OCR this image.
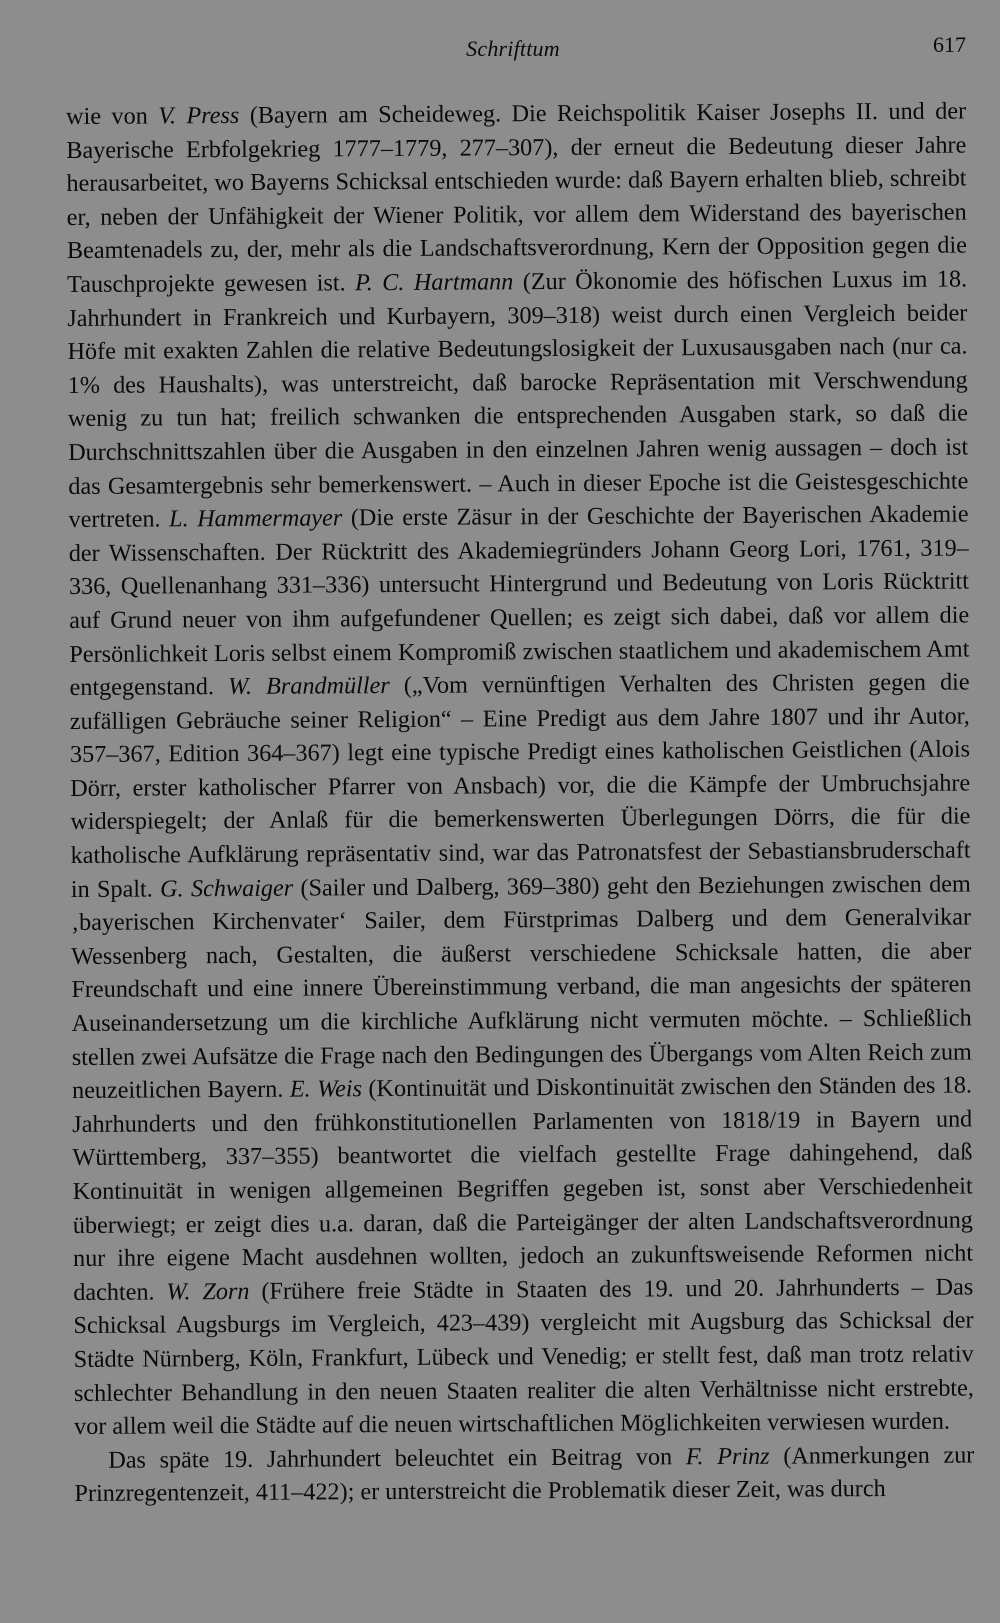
Schrifttum	617

wie von V. Press (Bayern am Scheideweg. Die Reichspolitik Kaiser Josephs II. und der Bayerische Erbfolgekrieg 1777–1779, 277–307), der erneut die Bedeutung dieser Jahre herausarbeitet, wo Bayerns Schicksal entschieden wurde: daß Bayern erhalten blieb, schreibt er, neben der Unfähigkeit der Wiener Politik, vor allem dem Widerstand des bayerischen Beamtenadels zu, der, mehr als die Landschaftsverordnung, Kern der Opposition gegen die Tauschprojekte gewesen ist. P. C. Hartmann (Zur Ökonomie des höfischen Luxus im 18. Jahrhundert in Frankreich und Kurbayern, 309–318) weist durch einen Vergleich beider Höfe mit exakten Zahlen die relative Bedeutungslosigkeit der Luxusausgaben nach (nur ca. 1% des Haushalts), was unterstreicht, daß barocke Repräsentation mit Verschwendung wenig zu tun hat; freilich schwanken die entsprechenden Ausgaben stark, so daß die Durchschnittszahlen über die Ausgaben in den einzelnen Jahren wenig aussagen – doch ist das Gesamtergebnis sehr bemerkenswert. – Auch in dieser Epoche ist die Geistesgeschichte vertreten. L. Hammermayer (Die erste Zäsur in der Geschichte der Bayerischen Akademie der Wissenschaften. Der Rücktritt des Akademiegründers Johann Georg Lori, 1761, 319–336, Quellenanhang 331–336) untersucht Hintergrund und Bedeutung von Loris Rücktritt auf Grund neuer von ihm aufgefundener Quellen; es zeigt sich dabei, daß vor allem die Persönlichkeit Loris selbst einem Kompromiß zwischen staatlichem und akademischem Amt entgegenstand. W. Brandmüller („Vom vernünftigen Verhalten des Christen gegen die zufälligen Gebräuche seiner Religion“ – Eine Predigt aus dem Jahre 1807 und ihr Autor, 357–367, Edition 364–367) legt eine typische Predigt eines katholischen Geistlichen (Alois Dörr, erster katholischer Pfarrer von Ansbach) vor, die die Kämpfe der Umbruchsjahre widerspiegelt; der Anlaß für die bemerkenswerten Überlegungen Dörrs, die für die katholische Aufklärung repräsentativ sind, war das Patronatsfest der Sebastiansbruderschaft in Spalt. G. Schwaiger (Sailer und Dalberg, 369–380) geht den Beziehungen zwischen dem ‚bayerischen Kirchenvater‘ Sailer, dem Fürstprimas Dalberg und dem Generalvikar Wessenberg nach, Gestalten, die äußerst verschiedene Schicksale hatten, die aber Freundschaft und eine innere Übereinstimmung verband, die man angesichts der späteren Auseinandersetzung um die kirchliche Aufklärung nicht vermuten möchte. – Schließlich stellen zwei Aufsätze die Frage nach den Bedingungen des Übergangs vom Alten Reich zum neuzeitlichen Bayern. E. Weis (Kontinuität und Diskontinuität zwischen den Ständen des 18. Jahrhunderts und den frühkonstitutionellen Parlamenten von 1818/19 in Bayern und Württemberg, 337–355) beantwortet die vielfach gestellte Frage dahingehend, daß Kontinuität in wenigen allgemeinen Begriffen gegeben ist, sonst aber Verschiedenheit überwiegt; er zeigt dies u.a. daran, daß die Parteigänger der alten Landschaftsverordnung nur ihre eigene Macht ausdehnen wollten, jedoch an zukunftsweisende Reformen nicht dachten. W. Zorn (Frühere freie Städte in Staaten des 19. und 20. Jahrhunderts – Das Schicksal Augsburgs im Vergleich, 423–439) vergleicht mit Augsburg das Schicksal der Städte Nürnberg, Köln, Frankfurt, Lübeck und Venedig; er stellt fest, daß man trotz relativ schlechter Behandlung in den neuen Staaten realiter die alten Verhältnisse nicht erstrebte, vor allem weil die Städte auf die neuen wirtschaftlichen Möglichkeiten verwiesen wurden.

Das späte 19. Jahrhundert beleuchtet ein Beitrag von F. Prinz (Anmerkungen zur Prinzregentenzeit, 411–422); er unterstreicht die Problematik dieser Zeit, was durch
